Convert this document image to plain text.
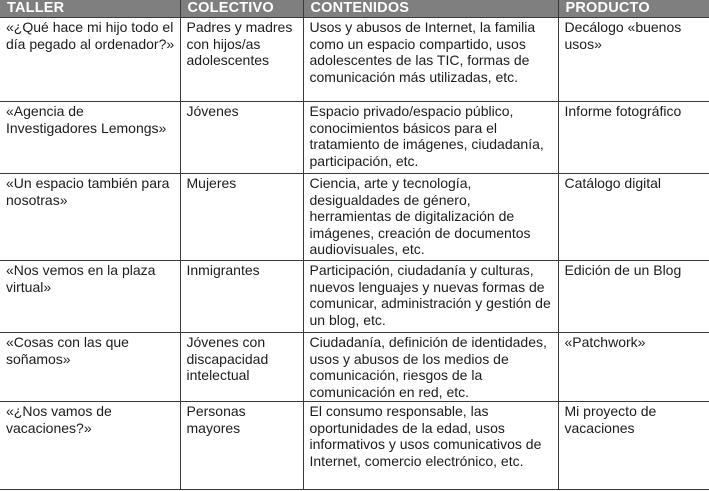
TALLER	COLECTIVO	CONTENIDOS	PRODUCTO
«¿Qué hace mi hijo todo el día pegado al ordenador?»	Padres y madres con hijos/as adolescentes	Usos y abusos de Internet, la familia como un espacio compartido, usos adolescentes de las TIC, formas de comunicación más utilizadas, etc.	Decálogo «buenos usos»
«Agencia de Investigadores Lemongs»	Jóvenes	Espacio privado/espacio público, conocimientos básicos para el tratamiento de imágenes, ciudadanía, participación, etc.	Informe fotográfico
«Un espacio también para nosotras»	Mujeres	Ciencia, arte y tecnología, desigualdades de género, herramientas de digitalización de imágenes, creación de documentos audiovisuales, etc.	Catálogo digital
«Nos vemos en la plaza virtual»	Inmigrantes	Participación, ciudadanía y culturas, nuevos lenguajes y nuevas formas de comunicar, administración y gestión de un blog, etc.	Edición de un Blog
«Cosas con las que soñamos»	Jóvenes con discapacidad intelectual	Ciudadanía, definición de identidades, usos y abusos de los medios de comunicación, riesgos de la comunicación en red, etc.	«Patchwork»
«¿Nos vamos de vacaciones?»	Personas mayores	El consumo responsable, las oportunidades de la edad, usos informativos y usos comunicativos de Internet, comercio electrónico, etc.	Mi proyecto de vacaciones
